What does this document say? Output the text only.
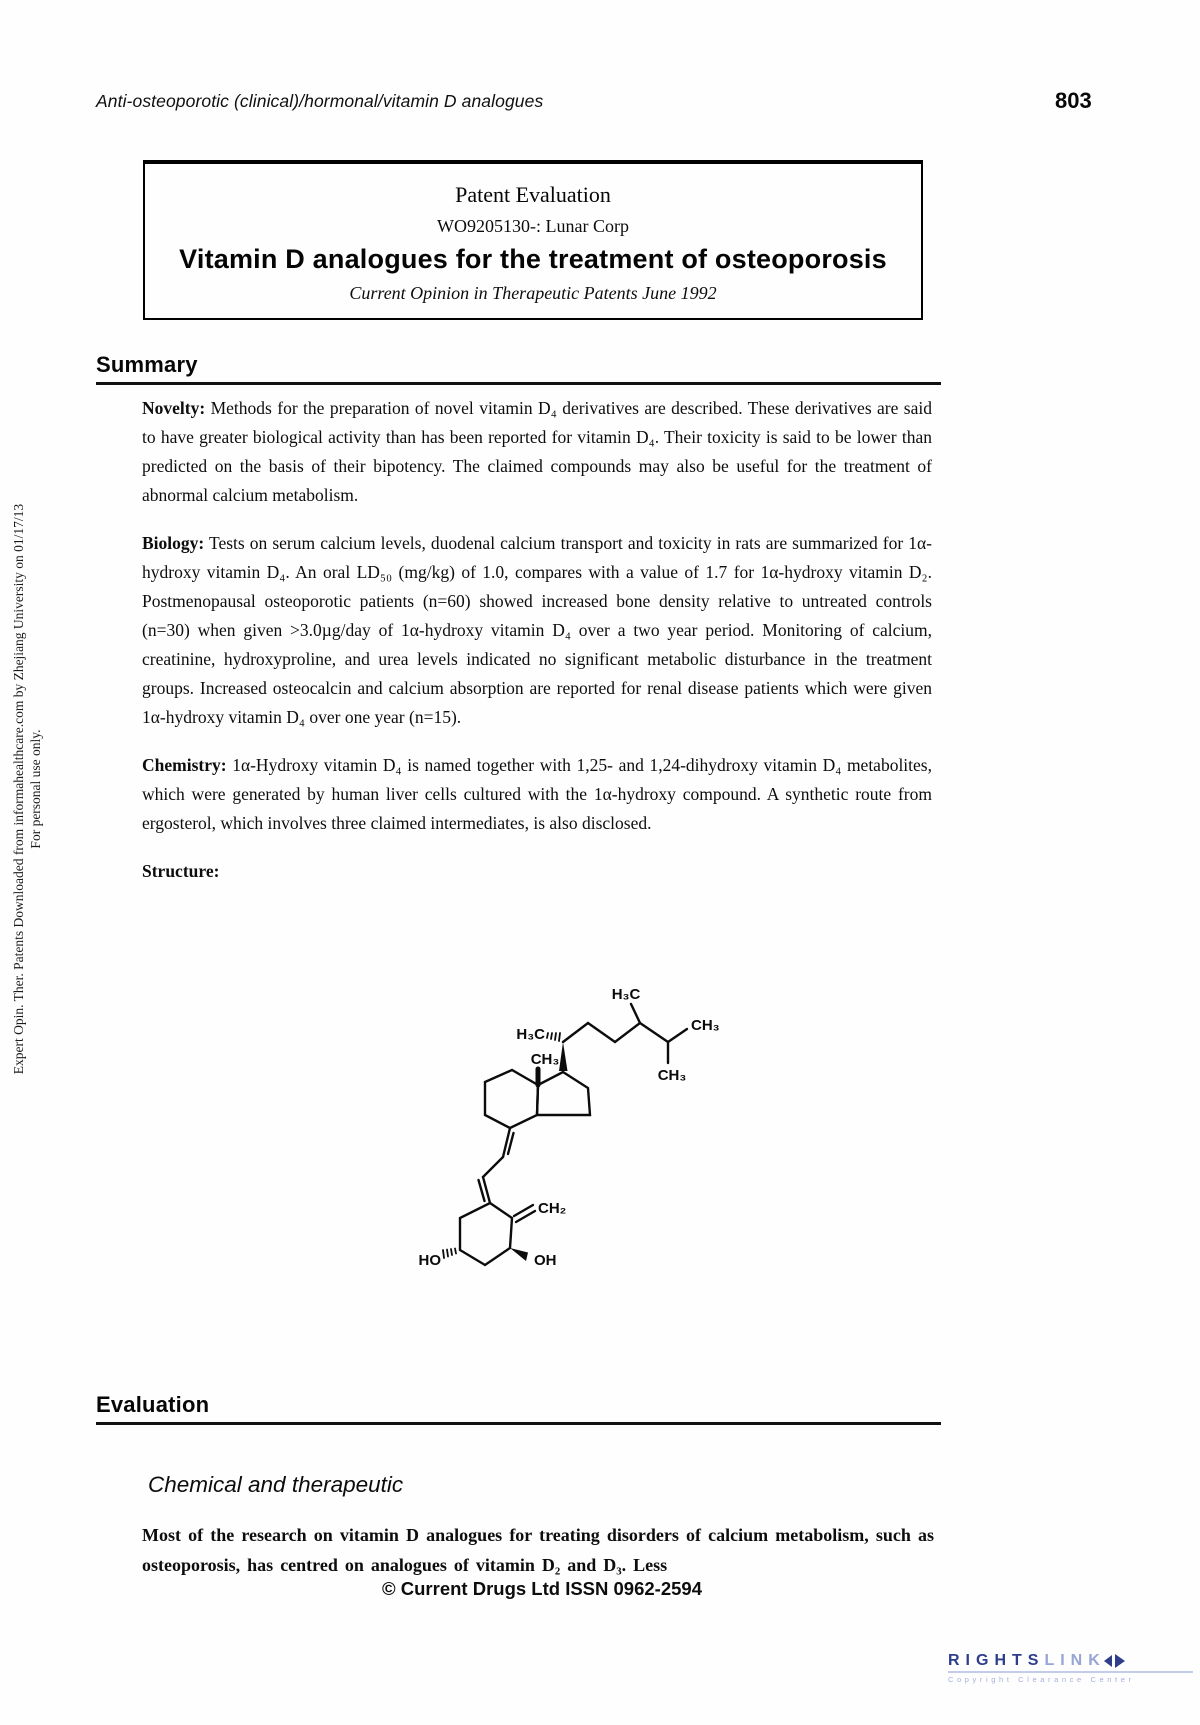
Anti-osteoporotic (clinical)/hormonal/vitamin D analogues	803
Expert Opin. Ther. Patents Downloaded from informahealthcare.com by Zhejiang University on 01/17/13 For personal use only.
Patent Evaluation
WO9205130-: Lunar Corp
Vitamin D analogues for the treatment of osteoporosis
Current Opinion in Therapeutic Patents June 1992
Summary

Novelty: Methods for the preparation of novel vitamin D₄ derivatives are described. These derivatives are said to have greater biological activity than has been reported for vitamin D₄. Their toxicity is said to be lower than predicted on the basis of their bipotency. The claimed compounds may also be useful for the treatment of abnormal calcium metabolism.

Biology: Tests on serum calcium levels, duodenal calcium transport and toxicity in rats are summarized for 1α-hydroxy vitamin D₄. An oral LD₅₀ (mg/kg) of 1.0, compares with a value of 1.7 for 1α-hydroxy vitamin D₂. Postmenopausal osteoporotic patients (n=60) showed increased bone density relative to untreated controls (n=30) when given >3.0µg/day of 1α-hydroxy vitamin D₄ over a two year period. Monitoring of calcium, creatinine, hydroxyproline, and urea levels indicated no significant metabolic disturbance in the treatment groups. Increased osteocalcin and calcium absorption are reported for renal disease patients which were given 1α-hydroxy vitamin D₄ over one year (n=15).

Chemistry: 1α-Hydroxy vitamin D₄ is named together with 1,25- and 1,24-dihydroxy vitamin D₄ metabolites, which were generated by human liver cells cultured with the 1α-hydroxy compound. A synthetic route from ergosterol, which involves three claimed intermediates, is also disclosed.

Structure:

H₃C
H₃C
CH₃
CH₃
CH₃
CH₂
HO	OH
Evaluation
Chemical and therapeutic
Most of the research on vitamin D analogues for treating disorders of calcium metabolism, such as osteoporosis, has centred on analogues of vitamin D₂ and D₃. Less
© Current Drugs Ltd ISSN 0962-2594
RIGHTS LINK
Copyright Clearance Center
